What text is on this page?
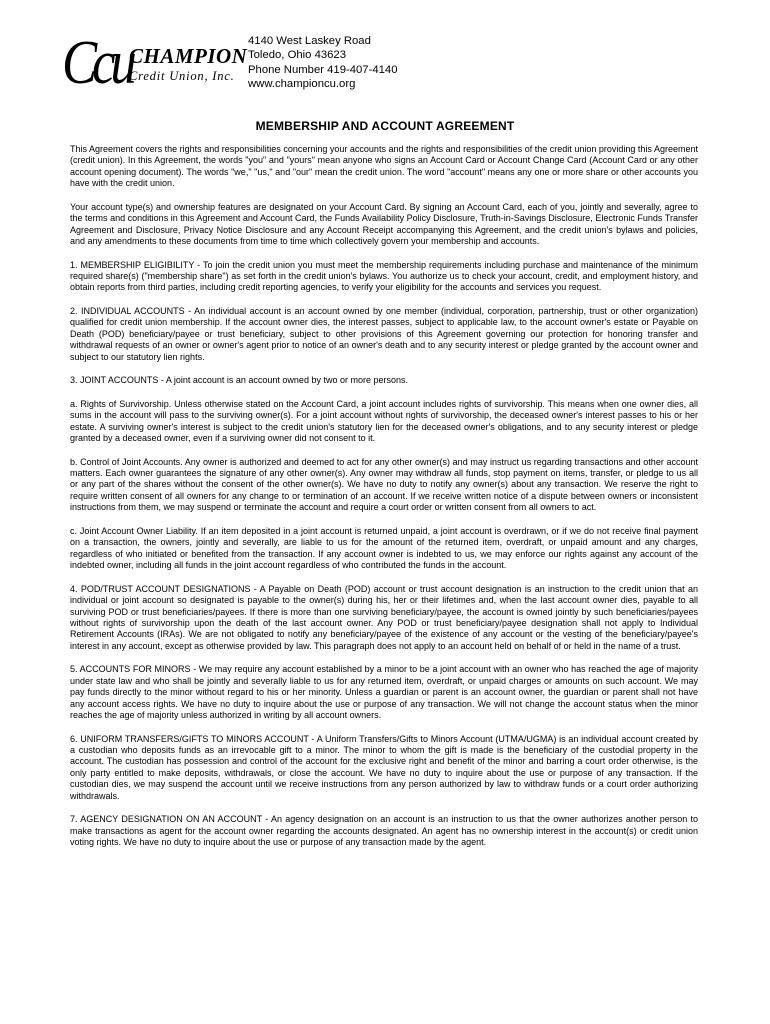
Ccu
CHAMPION
Credit Union, Inc.
4140 West Laskey Road
Toledo, Ohio 43623
Phone Number 419-407-4140
www.championcu.org
MEMBERSHIP AND ACCOUNT AGREEMENT

This Agreement covers the rights and responsibilities concerning your accounts and the rights and responsibilities of the credit union providing this Agreement (credit union). In this Agreement, the words "you" and "yours" mean anyone who signs an Account Card or Account Change Card (Account Card or any other account opening document). The words "we," "us," and "our" mean the credit union. The word "account" means any one or more share or other accounts you have with the credit union.

Your account type(s) and ownership features are designated on your Account Card. By signing an Account Card, each of you, jointly and severally, agree to the terms and conditions in this Agreement and Account Card, the Funds Availability Policy Disclosure, Truth-in-Savings Disclosure, Electronic Funds Transfer Agreement and Disclosure, Privacy Notice Disclosure and any Account Receipt accompanying this Agreement, and the credit union's bylaws and policies, and any amendments to these documents from time to time which collectively govern your membership and accounts.

1. MEMBERSHIP ELIGIBILITY - To join the credit union you must meet the membership requirements including purchase and maintenance of the minimum required share(s) ("membership share") as set forth in the credit union's bylaws. You authorize us to check your account, credit, and employment history, and obtain reports from third parties, including credit reporting agencies, to verify your eligibility for the accounts and services you request.

2. INDIVIDUAL ACCOUNTS - An individual account is an account owned by one member (individual, corporation, partnership, trust or other organization) qualified for credit union membership. If the account owner dies, the interest passes, subject to applicable law, to the account owner's estate or Payable on Death (POD) beneficiary/payee or trust beneficiary, subject to other provisions of this Agreement governing our protection for honoring transfer and withdrawal requests of an owner or owner's agent prior to notice of an owner's death and to any security interest or pledge granted by the account owner and subject to our statutory lien rights.

3. JOINT ACCOUNTS - A joint account is an account owned by two or more persons.

a. Rights of Survivorship. Unless otherwise stated on the Account Card, a joint account includes rights of survivorship. This means when one owner dies, all sums in the account will pass to the surviving owner(s). For a joint account without rights of survivorship, the deceased owner's interest passes to his or her estate. A surviving owner's interest is subject to the credit union's statutory lien for the deceased owner's obligations, and to any security interest or pledge granted by a deceased owner, even if a surviving owner did not consent to it.

b. Control of Joint Accounts. Any owner is authorized and deemed to act for any other owner(s) and may instruct us regarding transactions and other account matters. Each owner guarantees the signature of any other owner(s). Any owner may withdraw all funds, stop payment on items, transfer, or pledge to us all or any part of the shares without the consent of the other owner(s). We have no duty to notify any owner(s) about any transaction. We reserve the right to require written consent of all owners for any change to or termination of an account. If we receive written notice of a dispute between owners or inconsistent instructions from them, we may suspend or terminate the account and require a court order or written consent from all owners to act.

c. Joint Account Owner Liability. If an item deposited in a joint account is returned unpaid, a joint account is overdrawn, or if we do not receive final payment on a transaction, the owners, jointly and severally, are liable to us for the amount of the returned item, overdraft, or unpaid amount and any charges, regardless of who initiated or benefited from the transaction. If any account owner is indebted to us, we may enforce our rights against any account of the indebted owner, including all funds in the joint account regardless of who contributed the funds in the account.

4. POD/TRUST ACCOUNT DESIGNATIONS - A Payable on Death (POD) account or trust account designation is an instruction to the credit union that an individual or joint account so designated is payable to the owner(s) during his, her or their lifetimes and, when the last account owner dies, payable to all surviving POD or trust beneficiaries/payees. If there is more than one surviving beneficiary/payee, the account is owned jointly by such beneficiaries/payees without rights of survivorship upon the death of the last account owner. Any POD or trust beneficiary/payee designation shall not apply to Individual Retirement Accounts (IRAs). We are not obligated to notify any beneficiary/payee of the existence of any account or the vesting of the beneficiary/payee's interest in any account, except as otherwise provided by law. This paragraph does not apply to an account held on behalf of or held in the name of a trust.

5. ACCOUNTS FOR MINORS - We may require any account established by a minor to be a joint account with an owner who has reached the age of majority under state law and who shall be jointly and severally liable to us for any returned item, overdraft, or unpaid charges or amounts on such account. We may pay funds directly to the minor without regard to his or her minority. Unless a guardian or parent is an account owner, the guardian or parent shall not have any account access rights. We have no duty to inquire about the use or purpose of any transaction. We will not change the account status when the minor reaches the age of majority unless authorized in writing by all account owners.

6. UNIFORM TRANSFERS/GIFTS TO MINORS ACCOUNT - A Uniform Transfers/Gifts to Minors Account (UTMA/UGMA) is an individual account created by a custodian who deposits funds as an irrevocable gift to a minor. The minor to whom the gift is made is the beneficiary of the custodial property in the account. The custodian has possession and control of the account for the exclusive right and benefit of the minor and barring a court order otherwise, is the only party entitled to make deposits, withdrawals, or close the account. We have no duty to inquire about the use or purpose of any transaction. If the custodian dies, we may suspend the account until we receive instructions from any person authorized by law to withdraw funds or a court order authorizing withdrawals.

7. AGENCY DESIGNATION ON AN ACCOUNT - An agency designation on an account is an instruction to us that the owner authorizes another person to make transactions as agent for the account owner regarding the accounts designated. An agent has no ownership interest in the account(s) or credit union voting rights. We have no duty to inquire about the use or purpose of any transaction made by the agent.
